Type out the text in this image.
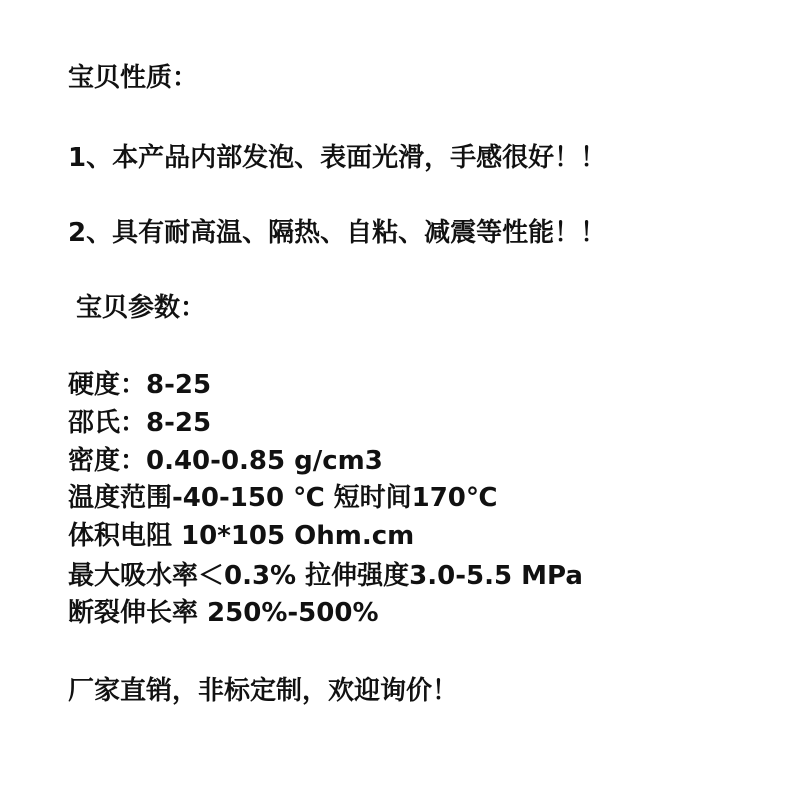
宝贝性质：

1、本产品内部发泡、表面光滑，手感很好！！

2、具有耐高温、隔热、自粘、减震等性能！！

宝贝参数：

硬度：8-25

邵氏：8-25

密度：0.40-0.85 g/cm3

温度范围-40-150 ℃ 短时间170℃

体积电阻 10*105 Ohm.cm

最大吸水率＜0.3% 拉伸强度3.0-5.5 MPa

断裂伸长率 250%-500%

厂家直销，非标定制，欢迎询价！
